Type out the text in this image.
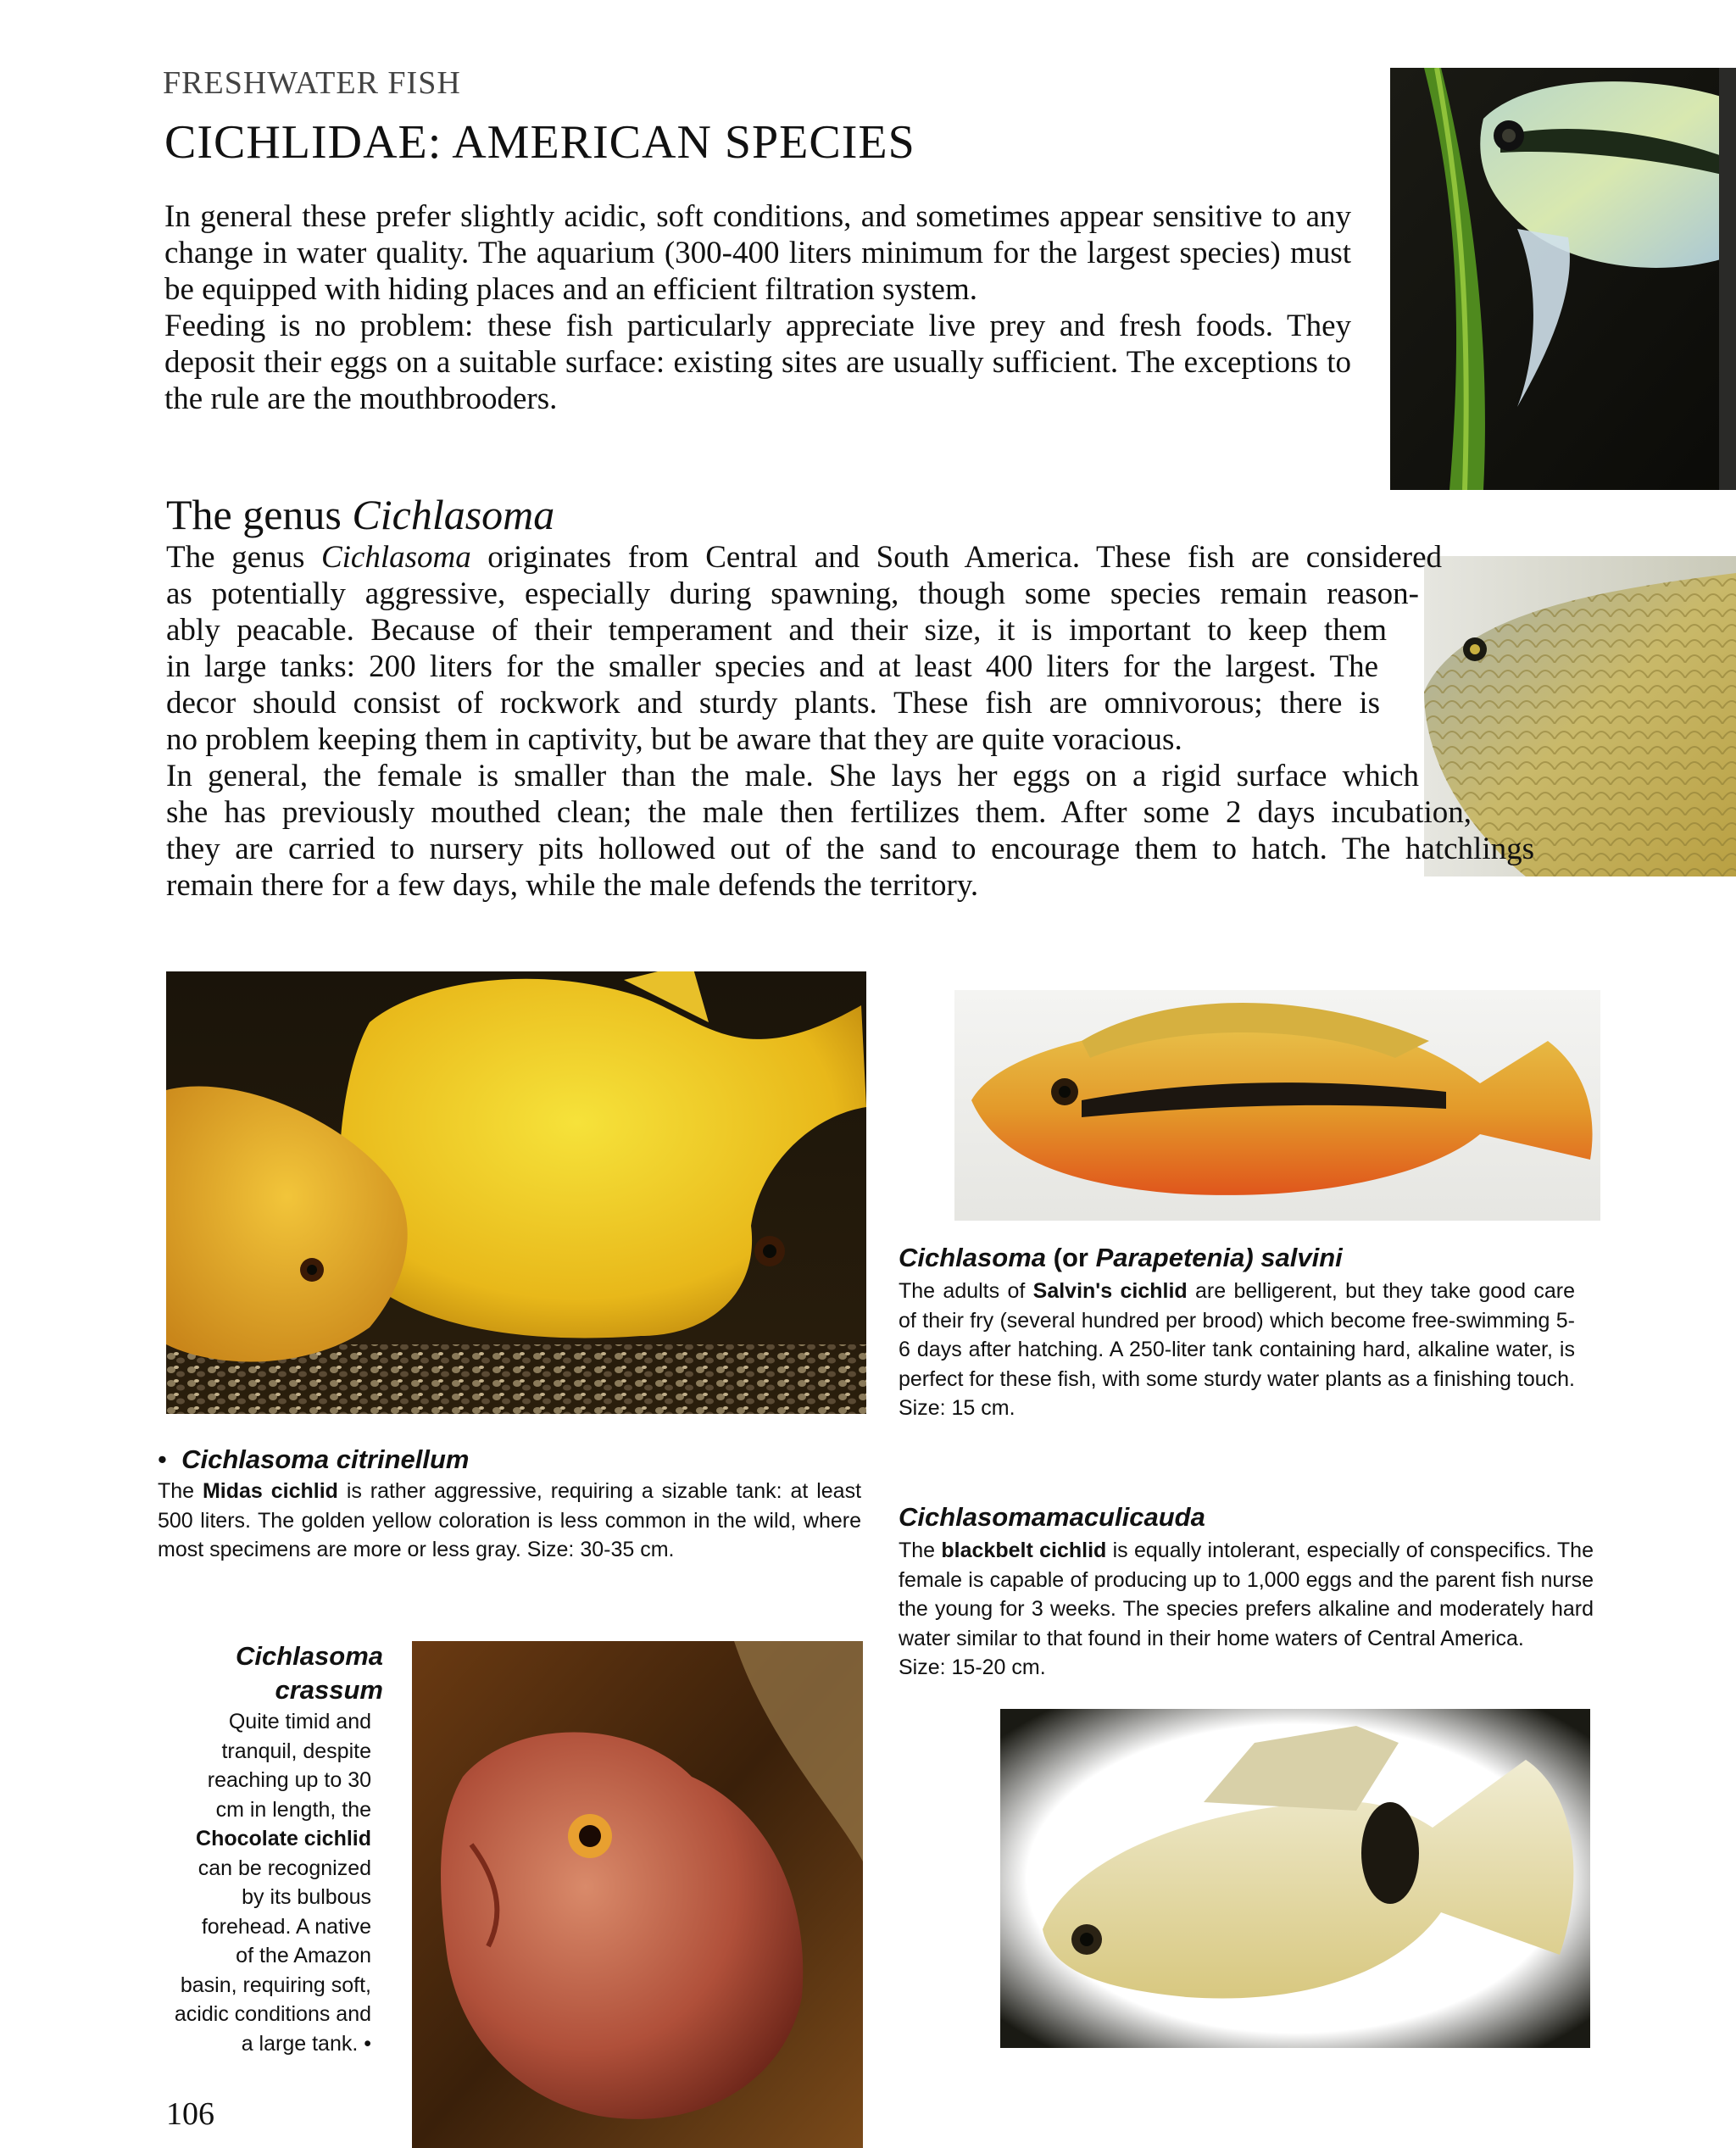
FRESHWATER FISH
CICHLIDAE: AMERICAN SPECIES

In general these prefer slightly acidic, soft conditions, and sometimes appear sensitive to any change in water quality. The aquarium (300-400 liters minimum for the largest species) must be equipped with hiding places and an efficient filtration system.

Feeding is no problem: these fish particularly appreciate live prey and fresh foods. They deposit their eggs on a suitable surface: existing sites are usually sufficient. The exceptions to the rule are the mouthbrooders.

The genus Cichlasoma
The genus Cichlasoma originates from Central and South America. These fish are considered
as potentially aggressive, especially during spawning, though some species remain reason-
ably peacable. Because of their temperament and their size, it is important to keep them
in large tanks: 200 liters for the smaller species and at least 400 liters for the largest. The
decor should consist of rockwork and sturdy plants. These fish are omnivorous; there is
no problem keeping them in captivity, but be aware that they are quite voracious.
In general, the female is smaller than the male. She lays her eggs on a rigid surface which
she has previously mouthed clean; the male then fertilizes them. After some 2 days incubation,
they are carried to nursery pits hollowed out of the sand to encourage them to hatch. The hatchlings
remain there for a few days, while the male defends the territory.
• Cichlasoma citrinellum
The Midas cichlid is rather aggressive, requiring a sizable tank: at least 500 liters. The golden yellow coloration is less common in the wild, where most specimens are more or less gray. Size: 30-35 cm.
Cichlasoma (or Parapetenia) salvini
The adults of Salvin's cichlid are belligerent, but they take good care of their fry (several hundred per brood) which become free-swimming 5-6 days after hatching. A 250-liter tank containing hard, alkaline water, is perfect for these fish, with some sturdy water plants as a finishing touch. Size: 15 cm.
Cichlasomamaculicauda
The blackbelt cichlid is equally intolerant, especially of conspecifics. The female is capable of producing up to 1,000 eggs and the parent fish nurse the young for 3 weeks. The species prefers alkaline and moderately hard water similar to that found in their home waters of Central America.
Size: 15-20 cm.
Cichlasoma
crassum
Quite timid and
tranquil, despite
reaching up to 30
cm in length, the
Chocolate cichlid
can be recognized
by its bulbous
forehead. A native
of the Amazon
basin, requiring soft,
acidic conditions and
a large tank. •
106
